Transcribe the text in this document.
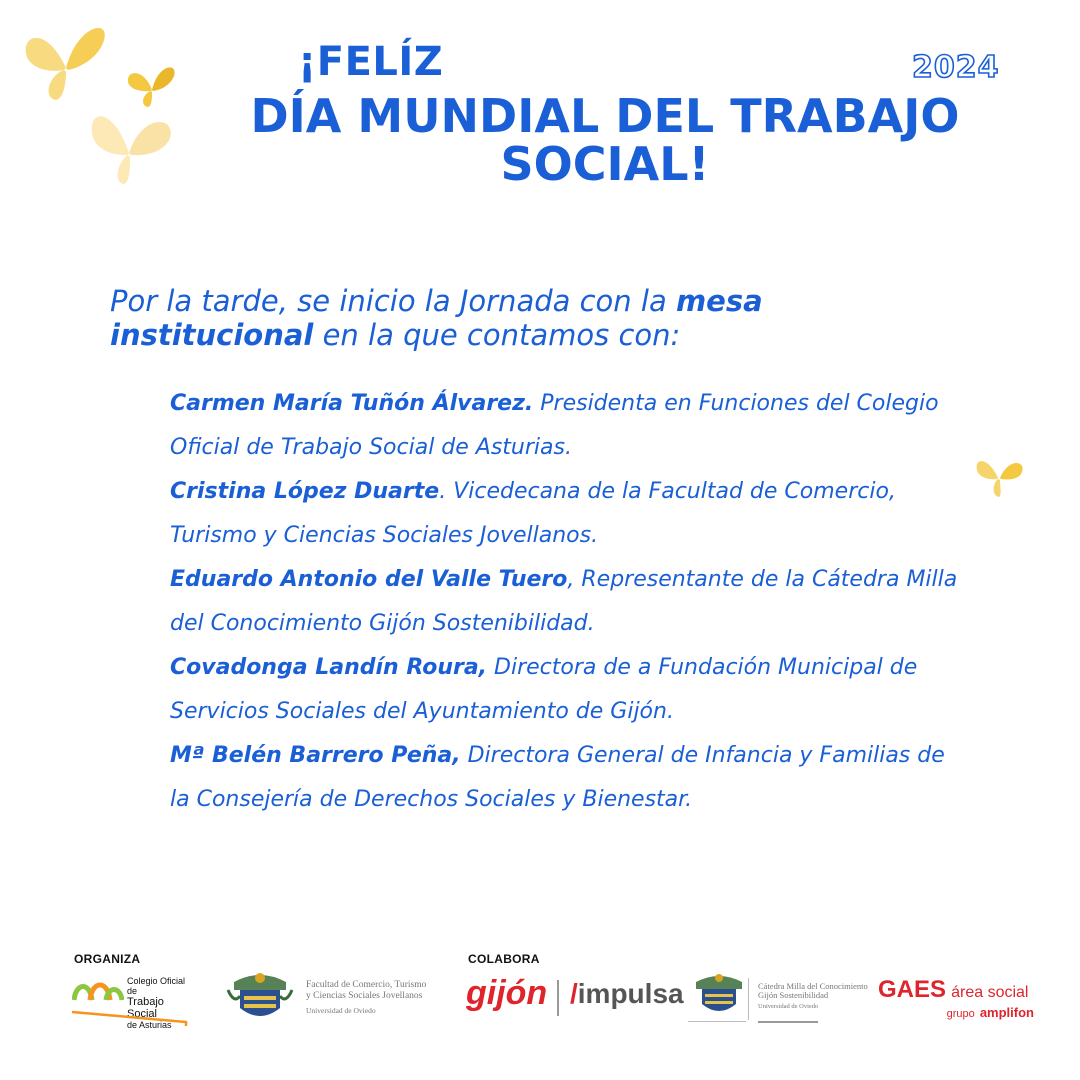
¡FELÍZ
DÍA MUNDIAL DEL TRABAJO
SOCIAL!
2024
Por la tarde, se inicio la Jornada con la mesa institucional en la que contamos con:
Carmen María Tuñón Álvarez. Presidenta en Funciones del Colegio Oficial de Trabajo Social de Asturias.
Cristina López Duarte. Vicedecana de la Facultad de Comercio, Turismo y Ciencias Sociales Jovellanos.
Eduardo Antonio del Valle Tuero, Representante de la Cátedra Milla del Conocimiento Gijón Sostenibilidad.
Covadonga Landín Roura, Directora de a Fundación Municipal de Servicios Sociales del Ayuntamiento de Gijón.
Mª Belén Barrero Peña, Directora General de Infancia y Familias de la Consejería de Derechos Sociales y Bienestar.
ORGANIZA
Colegio Oficial de
Trabajo Social
de Asturias
Facultad de Comercio, Turismo
y Ciencias Sociales Jovellanos
Universidad de Oviedo
COLABORA
gijón /impulsa	Cátedra Milla del Conocimiento
Gijón Sostenibilidad
Universidad de Oviedo
GAES área social
grupo amplifon
